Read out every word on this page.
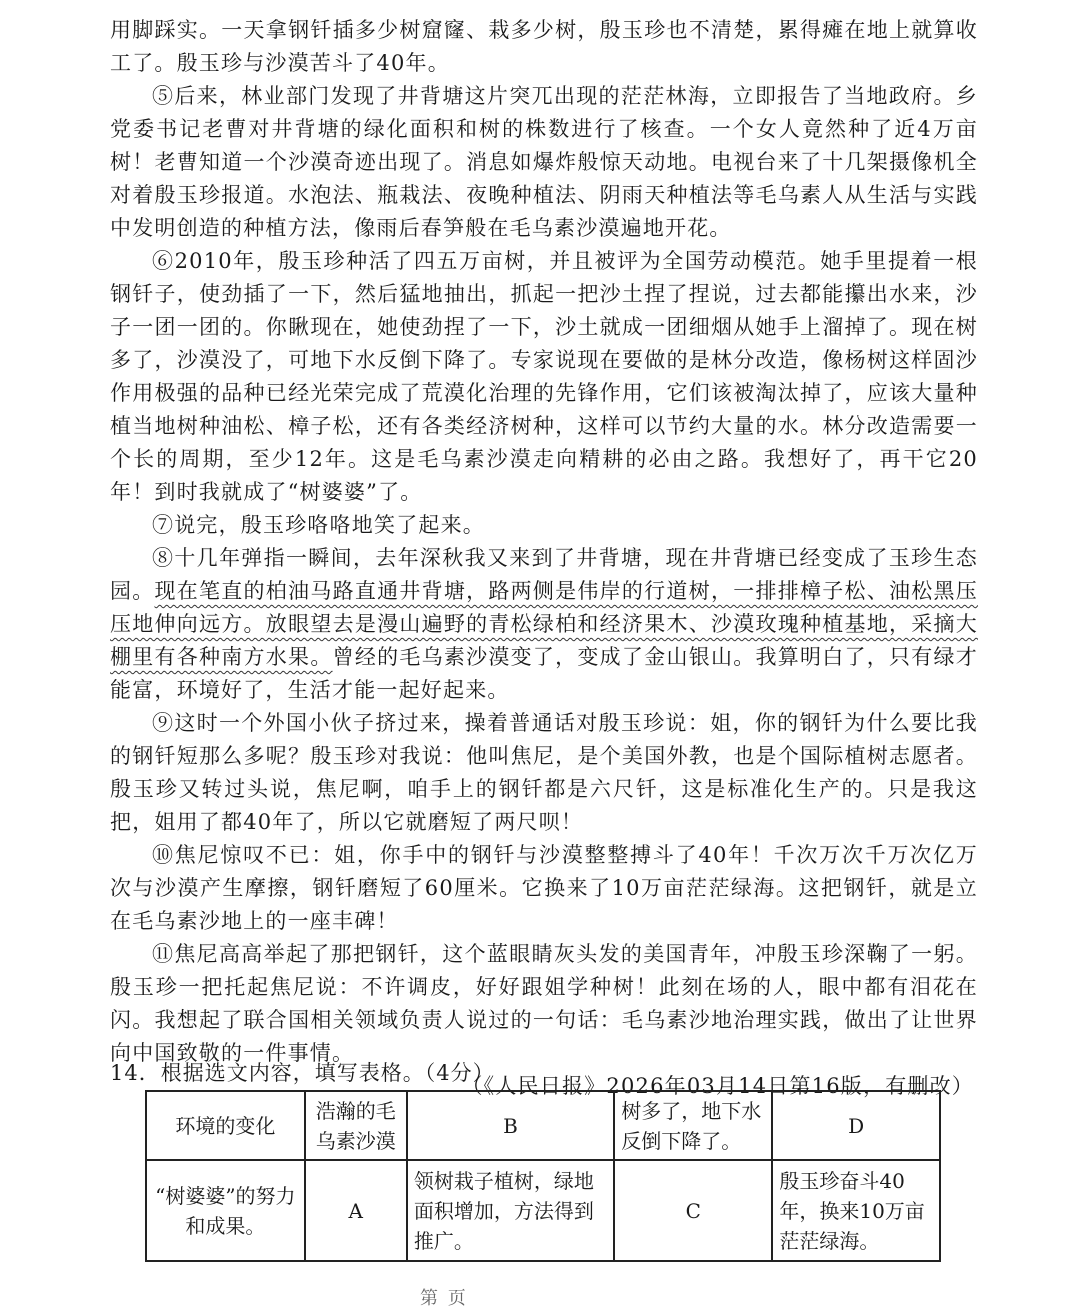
用脚踩实。一天拿钢钎插多少树窟窿、栽多少树，殷玉珍也不清楚，累得瘫在地上就算收工了。殷玉珍与沙漠苦斗了40年。

⑤后来，林业部门发现了井背塘这片突兀出现的茫茫林海，立即报告了当地政府。乡党委书记老曹对井背塘的绿化面积和树的株数进行了核查。一个女人竟然种了近4万亩树！老曹知道一个沙漠奇迹出现了。消息如爆炸般惊天动地。电视台来了十几架摄像机全对着殷玉珍报道。水泡法、瓶栽法、夜晚种植法、阴雨天种植法等毛乌素人从生活与实践中发明创造的种植方法，像雨后春笋般在毛乌素沙漠遍地开花。

⑥2010年，殷玉珍种活了四五万亩树，并且被评为全国劳动模范。她手里提着一根钢钎子，使劲插了一下，然后猛地抽出，抓起一把沙土捏了捏说，过去都能攥出水来，沙子一团一团的。你瞅现在，她使劲捏了一下，沙土就成一团细烟从她手上溜掉了。现在树多了，沙漠没了，可地下水反倒下降了。专家说现在要做的是林分改造，像杨树这样固沙作用极强的品种已经光荣完成了荒漠化治理的先锋作用，它们该被淘汰掉了，应该大量种植当地树种油松、樟子松，还有各类经济树种，这样可以节约大量的水。林分改造需要一个长的周期，至少12年。这是毛乌素沙漠走向精耕的必由之路。我想好了，再干它20年！到时我就成了“树婆婆”了。

⑦说完，殷玉珍咯咯地笑了起来。

⑧十几年弹指一瞬间，去年深秋我又来到了井背塘，现在井背塘已经变成了玉珍生态园。现在笔直的柏油马路直通井背塘，路两侧是伟岸的行道树，一排排樟子松、油松黑压压地伸向远方。放眼望去是漫山遍野的青松绿柏和经济果木、沙漠玫瑰种植基地，采摘大棚里有各种南方水果。曾经的毛乌素沙漠变了，变成了金山银山。我算明白了，只有绿才能富，环境好了，生活才能一起好起来。

⑨这时一个外国小伙子挤过来，操着普通话对殷玉珍说：姐，你的钢钎为什么要比我的钢钎短那么多呢？殷玉珍对我说：他叫焦尼，是个美国外教，也是个国际植树志愿者。殷玉珍又转过头说，焦尼啊，咱手上的钢钎都是六尺钎，这是标准化生产的。只是我这把，姐用了都40年了，所以它就磨短了两尺呗！

⑩焦尼惊叹不已：姐，你手中的钢钎与沙漠整整搏斗了40年！千次万次千万次亿万次与沙漠产生摩擦，钢钎磨短了60厘米。它换来了10万亩茫茫绿海。这把钢钎，就是立在毛乌素沙地上的一座丰碑！

⑪焦尼高高举起了那把钢钎，这个蓝眼睛灰头发的美国青年，冲殷玉珍深鞠了一躬。殷玉珍一把托起焦尼说：不许调皮，好好跟姐学种树！此刻在场的人，眼中都有泪花在闪。我想起了联合国相关领域负责人说过的一句话：毛乌素沙地治理实践，做出了让世界向中国致敬的一件事情。

（《人民日报》2026年03月14日第16版，有删改）

14．根据选文内容，填写表格。（4分）
环境的变化	浩瀚的毛乌素沙漠	B	树多了，地下水反倒下降了。	D
“树婆婆”的努力和成果。	A	领树栽子植树，绿地面积增加，方法得到推广。	C	殷玉珍奋斗40年，换来10万亩茫茫绿海。
第 页
